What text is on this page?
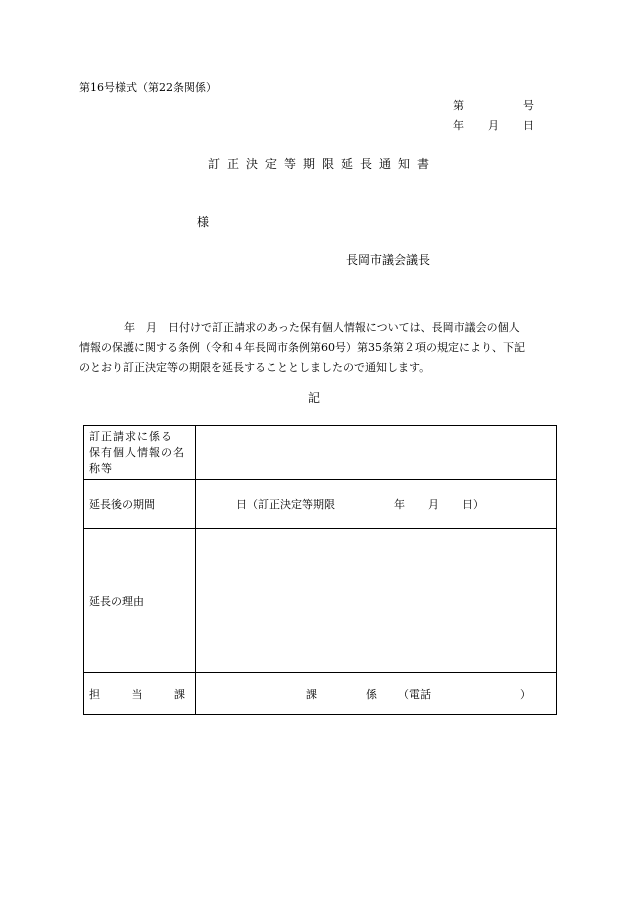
第16号様式（第22条関係）
第	号
年 月 日
訂正決定等期限延長通知書
様
長岡市議会議長
年　月　日付けで訂正請求のあった保有個人情報については、長岡市議会の個人
情報の保護に関する条例（令和４年長岡市条例第60号）第35条第２項の規定により、下記
のとおり訂正決定等の期限を延長することとしましたので通知します。
記
訂正請求に係る
保有個人情報の名
称等	

延長後の期間	日（訂正決定等期限 年 月 日）

延長の理由	

担 当 課	課 係 （電話 ）
